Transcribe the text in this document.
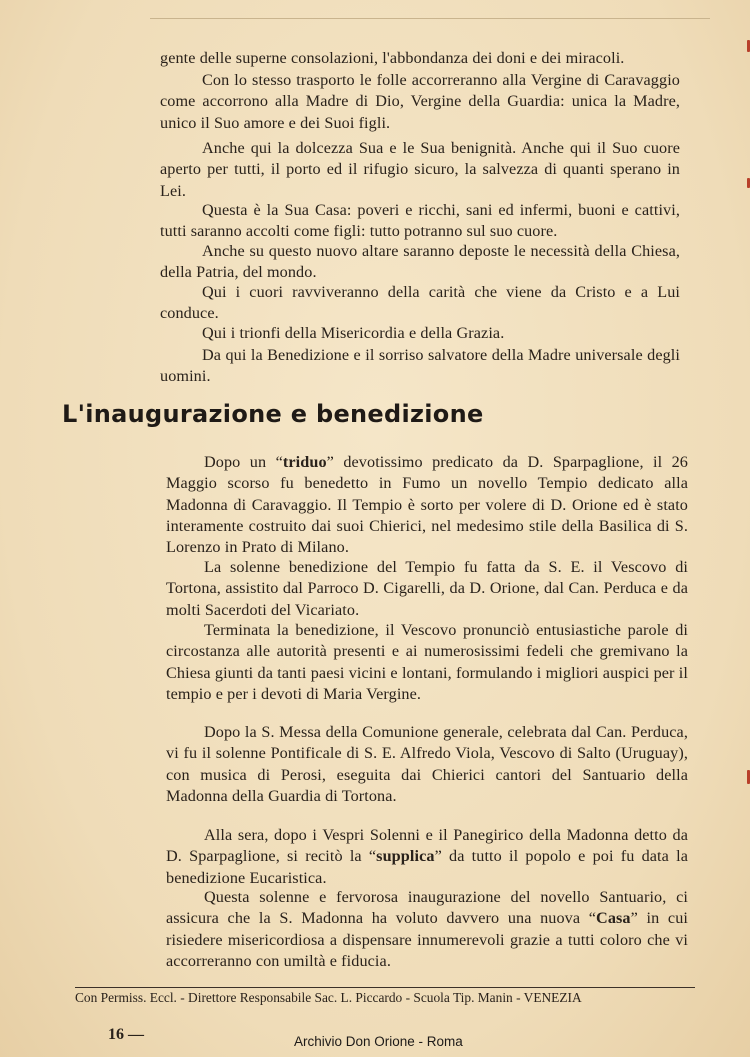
gente delle superne consolazioni, l'abbondanza dei doni e dei miracoli.

Con lo stesso trasporto le folle accorreranno alla Vergine di Caravaggio come accorrono alla Madre di Dio, Vergine della Guardia: unica la Madre, unico il Suo amore e dei Suoi figli.

Anche qui la dolcezza Sua e le Sua benignità. Anche qui il Suo cuore aperto per tutti, il porto ed il rifugio sicuro, la salvezza di quanti sperano in Lei.

Questa è la Sua Casa: poveri e ricchi, sani ed infermi, buoni e cattivi, tutti saranno accolti come figli: tutto potranno sul suo cuore.

Anche su questo nuovo altare saranno deposte le necessità della Chiesa, della Patria, del mondo.

Qui i cuori ravviveranno della carità che viene da Cristo e a Lui conduce.

Qui i trionfi della Misericordia e della Grazia.

Da qui la Benedizione e il sorriso salvatore della Madre universale degli uomini.

L'inaugurazione e benedizione

Dopo un “triduo” devotissimo predicato da D. Sparpaglione, il 26 Maggio scorso fu benedetto in Fumo un novello Tempio dedicato alla Madonna di Caravaggio. Il Tempio è sorto per volere di D. Orione ed è stato interamente costruito dai suoi Chierici, nel medesimo stile della Basilica di S. Lorenzo in Prato di Milano.

La solenne benedizione del Tempio fu fatta da S. E. il Vescovo di Tortona, assistito dal Parroco D. Cigarelli, da D. Orione, dal Can. Perduca e da molti Sacerdoti del Vicariato.

Terminata la benedizione, il Vescovo pronunciò entusiastiche parole di circostanza alle autorità presenti e ai numerosissimi fedeli che gremivano la Chiesa giunti da tanti paesi vicini e lontani, formulando i migliori auspici per il tempio e per i devoti di Maria Vergine.

Dopo la S. Messa della Comunione generale, celebrata dal Can. Perduca, vi fu il solenne Pontificale di S. E. Alfredo Viola, Vescovo di Salto (Uruguay), con musica di Perosi, eseguita dai Chierici cantori del Santuario della Madonna della Guardia di Tortona.

Alla sera, dopo i Vespri Solenni e il Panegirico della Madonna detto da D. Sparpaglione, si recitò la “supplica” da tutto il popolo e poi fu data la benedizione Eucaristica.

Questa solenne e fervorosa inaugurazione del novello Santuario, ci assicura che la S. Madonna ha voluto davvero una nuova “Casa” in cui risiedere misericordiosa a dispensare innumerevoli grazie a tutti coloro che vi accorreranno con umiltà e fiducia.

Con Permiss. Eccl. - Direttore Responsabile Sac. L. Piccardo - Scuola Tip. Manin - VENEZIA
16 —	Archivio Don Orione - Roma
